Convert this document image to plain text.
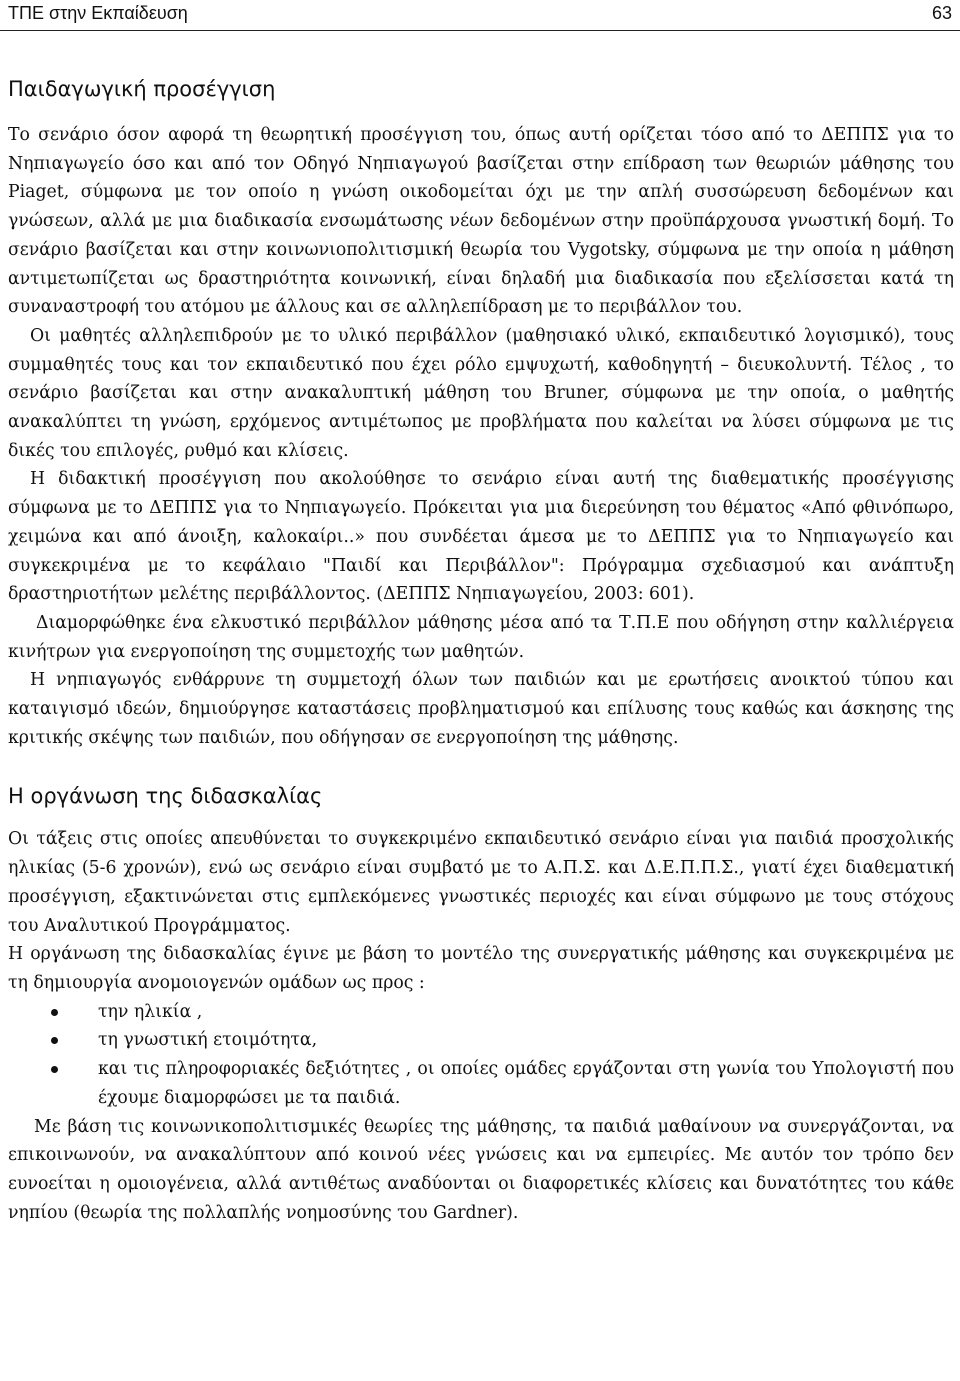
ΤΠΕ στην Εκπαίδευση	63
Παιδαγωγική προσέγγιση

Το σενάριο όσον αφορά τη θεωρητική προσέγγιση του, όπως αυτή ορίζεται τόσο από το ΔΕΠΠΣ για το Νηπιαγωγείο όσο και από τον Οδηγό Νηπιαγωγού βασίζεται στην επίδραση των θεωριών μάθησης του Piaget, σύμφωνα με τον οποίο η γνώση οικοδομείται όχι με την απλή συσσώρευση δεδομένων και γνώσεων, αλλά με μια διαδικασία ενσωμάτωσης νέων δεδομένων στην προϋπάρχουσα γνωστική δομή. Το σενάριο βασίζεται και στην κοινωνιοπολιτισμική θεωρία του Vygotsky, σύμφωνα με την οποία η μάθηση αντιμετωπίζεται ως δραστηριότητα κοινωνική, είναι δηλαδή μια διαδικασία που εξελίσσεται κατά τη συναναστροφή του ατόμου με άλλους και σε αλληλεπίδραση με το περιβάλλον του.

Οι μαθητές αλληλεπιδρούν με το υλικό περιβάλλον (μαθησιακό υλικό, εκπαιδευτικό λογισμικό), τους συμμαθητές τους και τον εκπαιδευτικό που έχει ρόλο εμψυχωτή, καθοδηγητή – διευκολυντή. Τέλος , το σενάριο βασίζεται και στην ανακαλυπτική μάθηση του Bruner, σύμφωνα με την οποία, ο μαθητής ανακαλύπτει τη γνώση, ερχόμενος αντιμέτωπος με προβλήματα που καλείται να λύσει σύμφωνα με τις δικές του επιλογές, ρυθμό και κλίσεις.

Η διδακτική προσέγγιση που ακολούθησε το σενάριο είναι αυτή της διαθεματικής προσέγγισης σύμφωνα με το ΔΕΠΠΣ για το Νηπιαγωγείο. Πρόκειται για μια διερεύνηση του θέματος «Από φθινόπωρο, χειμώνα και από άνοιξη, καλοκαίρι..» που συνδέεται άμεσα με το ΔΕΠΠΣ για το Νηπιαγωγείο και συγκεκριμένα με το κεφάλαιο "Παιδί και Περιβάλλον": Πρόγραμμα σχεδιασμού και ανάπτυξη δραστηριοτήτων μελέτης περιβάλλοντος. (ΔΕΠΠΣ Νηπιαγωγείου, 2003: 601).

Διαμορφώθηκε ένα ελκυστικό περιβάλλον μάθησης μέσα από τα Τ.Π.Ε που οδήγηση στην καλλιέργεια κινήτρων για ενεργοποίηση της συμμετοχής των μαθητών.

Η νηπιαγωγός ενθάρρυνε τη συμμετοχή όλων των παιδιών και με ερωτήσεις ανοικτού τύπου και καταιγισμό ιδεών, δημιούργησε καταστάσεις προβληματισμού και επίλυσης τους καθώς και άσκησης της κριτικής σκέψης των παιδιών, που οδήγησαν σε ενεργοποίηση της μάθησης.

Η οργάνωση της διδασκαλίας

Οι τάξεις στις οποίες απευθύνεται το συγκεκριμένο εκπαιδευτικό σενάριο είναι για παιδιά προσχολικής ηλικίας (5-6 χρονών), ενώ ως σενάριο είναι συμβατό με το Α.Π.Σ. και Δ.Ε.Π.Π.Σ., γιατί έχει διαθεματική προσέγγιση, εξακτινώνεται στις εμπλεκόμενες γνωστικές περιοχές και είναι σύμφωνο με τους στόχους του Αναλυτικού Προγράμματος.

Η οργάνωση της διδασκαλίας έγινε με βάση το μοντέλο της συνεργατικής μάθησης και συγκεκριμένα με τη δημιουργία ανομοιογενών ομάδων ως προς :

την ηλικία ,
τη γνωστική ετοιμότητα,
και τις πληροφοριακές δεξιότητες , οι οποίες ομάδες εργάζονται στη γωνία του Υπολογιστή που έχουμε διαμορφώσει με τα παιδιά.

Με βάση τις κοινωνικοπολιτισμικές θεωρίες της μάθησης, τα παιδιά μαθαίνουν να συνεργάζονται, να επικοινωνούν, να ανακαλύπτουν από κοινού νέες γνώσεις και να εμπειρίες. Με αυτόν τον τρόπο δεν ευνοείται η ομοιογένεια, αλλά αντιθέτως αναδύονται οι διαφορετικές κλίσεις και δυνατότητες του κάθε νηπίου (θεωρία της πολλαπλής νοημοσύνης του Gardner).
